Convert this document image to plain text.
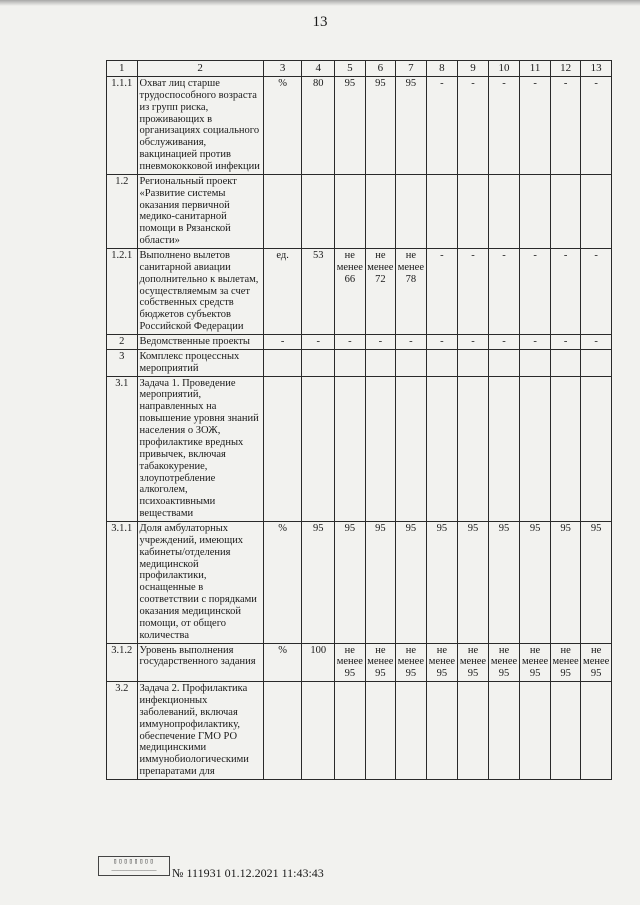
13
1	2	3	4	5	6	7	8	9	10	11	12	13
1.1.1	Охват лиц старше трудоспособного возраста из групп риска, проживающих в организациях социального обслуживания, вакцинацией против пневмококковой инфекции	%	80	95	95	95	-	-	-	-	-	-
1.2	Региональный проект «Развитие системы оказания первичной медико-санитарной помощи в Рязанской области»											
1.2.1	Выполнено вылетов санитарной авиации дополнительно к вылетам, осуществляемым за счет собственных средств бюджетов субъектов Российской Федерации	ед.	53	не менее 66	не менее 72	не менее 78	-	-	-	-	-	-
2	Ведомственные проекты	-	-	-	-	-	-	-	-	-	-	-
3	Комплекс процессных мероприятий											
3.1	Задача 1. Проведение мероприятий, направленных на повышение уровня знаний населения о ЗОЖ, профилактике вредных привычек, включая табакокурение, злоупотребление алкоголем, психоактивными веществами											
3.1.1	Доля амбулаторных учреждений, имеющих кабинеты/отделения медицинской профилактики, оснащенные в соответствии с порядками оказания медицинской помощи, от общего количества	%	95	95	95	95	95	95	95	95	95	95
3.1.2	Уровень выполнения государственного задания	%	100	не менее 95	не менее 95	не менее 95	не менее 95	не менее 95	не менее 95	не менее 95	не менее 95	не менее 95
3.2	Задача 2. Профилактика инфекционных заболеваний, включая иммунопрофилактику, обеспечение ГМО РО медицинскими иммунобиологическими препаратами для											
▯▯▯▯▯▯▯▯
_______________	№ 111931 01.12.2021 11:43:43
